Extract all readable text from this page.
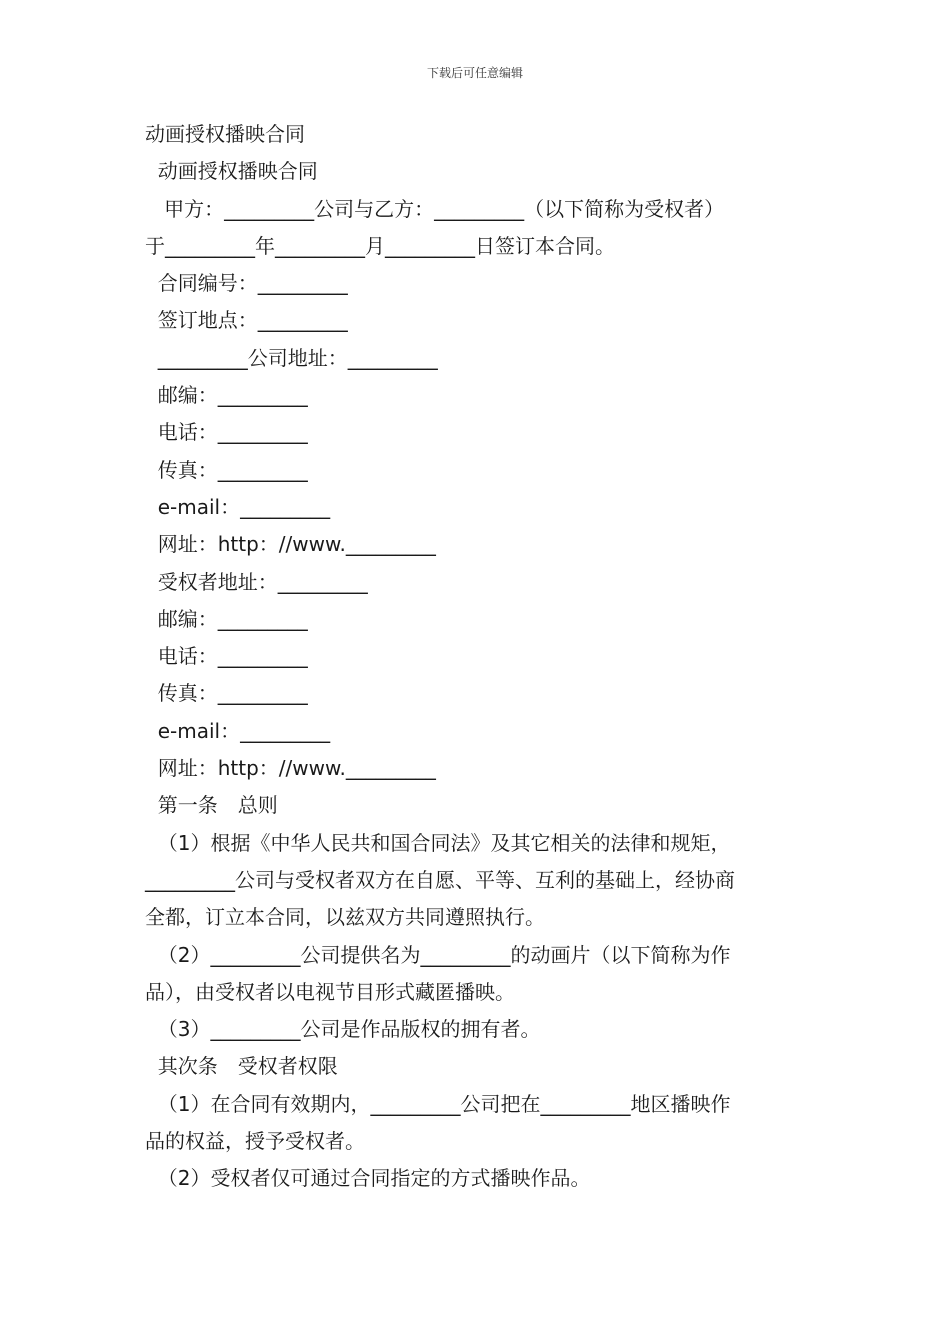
下载后可任意编辑
动画授权播映合同
动画授权播映合同
甲方：_________公司与乙方：_________（以下简称为受权者）
于_________年_________月_________日签订本合同。
合同编号：_________
签订地点：_________
_________公司地址：_________
邮编：_________
电话：_________
传真：_________
e-mail：_________
网址：http：//www._________
受权者地址：_________
邮编：_________
电话：_________
传真：_________
e-mail：_________
网址：http：//www._________
第一条　总则
（1）根据《中华人民共和国合同法》及其它相关的法律和规矩，
_________公司与受权者双方在自愿、平等、互利的基础上，经协商
全都，订立本合同，以兹双方共同遵照执行。
（2）_________公司提供名为_________的动画片（以下简称为作
品），由受权者以电视节目形式藏匿播映。
（3）_________公司是作品版权的拥有者。
其次条　受权者权限
（1）在合同有效期内，_________公司把在_________地区播映作
品的权益，授予受权者。
（2）受权者仅可通过合同指定的方式播映作品。
